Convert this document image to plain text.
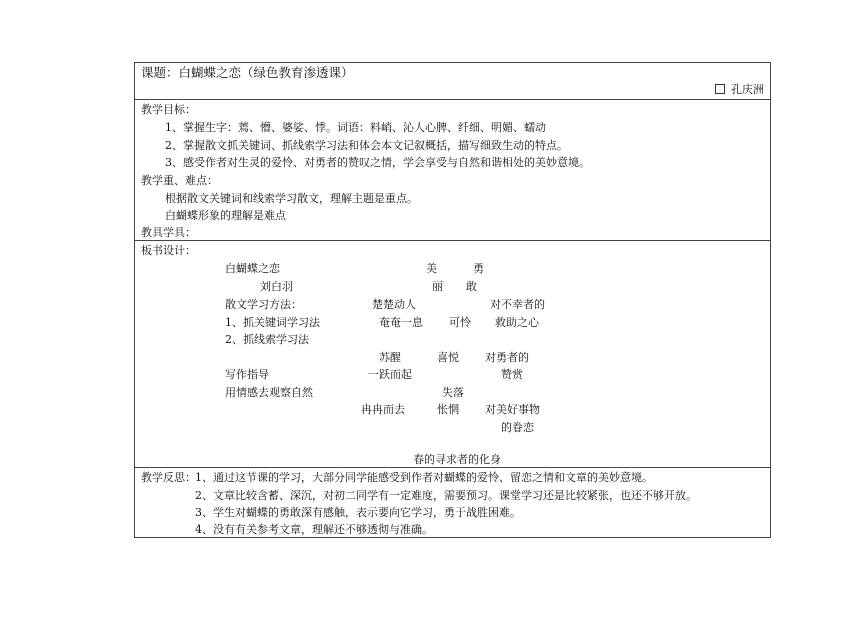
课题：白蝴蝶之恋（绿色教育渗透课）
孔庆洲
教学目标：
1、掌握生字：蔫、懵、婆娑、悸。词语：料峭、沁人心脾、纤细、明媚、蠕动
2、掌握散文抓关键词、抓线索学习法和体会本文记叙概括，描写细致生动的特点。
3、感受作者对生灵的爱怜、对勇者的赞叹之情，学会享受与自然和谐相处的美妙意境。
教学重、难点：
根据散文关键词和线索学习散文，理解主题是重点。
白蝴蝶形象的理解是难点
教具学具：
板书设计：
白蝴蝶之恋
刘白羽
散文学习方法：
1、抓关键词学习法
2、抓线索学习法
写作指导
用情感去观察自然
美	勇
丽 敢
楚楚动人	对不幸者的
奄奄一息 可怜 救助之心
苏醒	喜悦 对勇者的
一跃而起	赞赏
失落
冉冉而去	怅惘 对美好事物
的眷恋
春的寻求者的化身
教学反思： 1、通过这节课的学习，大部分同学能感受到作者对蝴蝶的爱怜、留恋之情和文章的美妙意境。
2、文章比较含蓄、深沉，对初二同学有一定难度，需要预习。课堂学习还是比较紧张，也还不够开放。
3、学生对蝴蝶的勇敢深有感触，表示要向它学习，勇于战胜困难。
4、没有有关参考文章，理解还不够透彻与准确。
